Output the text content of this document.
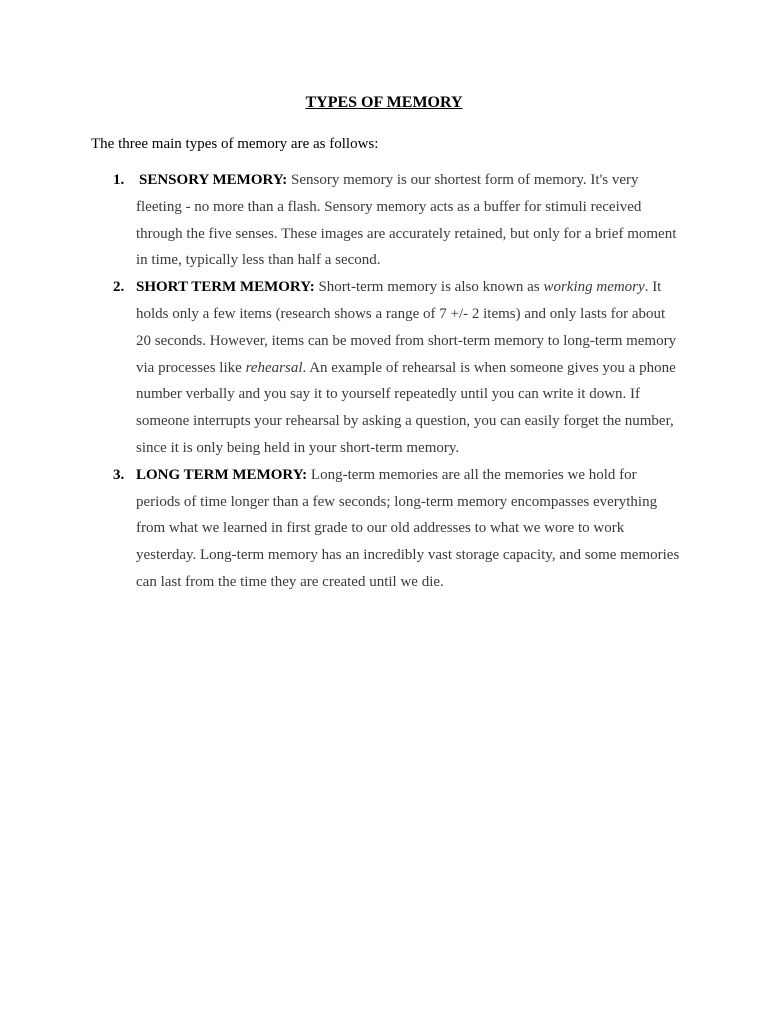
TYPES OF MEMORY

The three main types of memory are as follows:

1. SENSORY MEMORY: Sensory memory is our shortest form of memory. It's very fleeting - no more than a flash. Sensory memory acts as a buffer for stimuli received through the five senses. These images are accurately retained, but only for a brief moment in time, typically less than half a second.

2. SHORT TERM MEMORY: Short-term memory is also known as working memory. It holds only a few items (research shows a range of 7 +/- 2 items) and only lasts for about 20 seconds. However, items can be moved from short-term memory to long-term memory via processes like rehearsal. An example of rehearsal is when someone gives you a phone number verbally and you say it to yourself repeatedly until you can write it down. If someone interrupts your rehearsal by asking a question, you can easily forget the number, since it is only being held in your short-term memory.

3. LONG TERM MEMORY: Long-term memories are all the memories we hold for periods of time longer than a few seconds; long-term memory encompasses everything from what we learned in first grade to our old addresses to what we wore to work yesterday. Long-term memory has an incredibly vast storage capacity, and some memories can last from the time they are created until we die.
